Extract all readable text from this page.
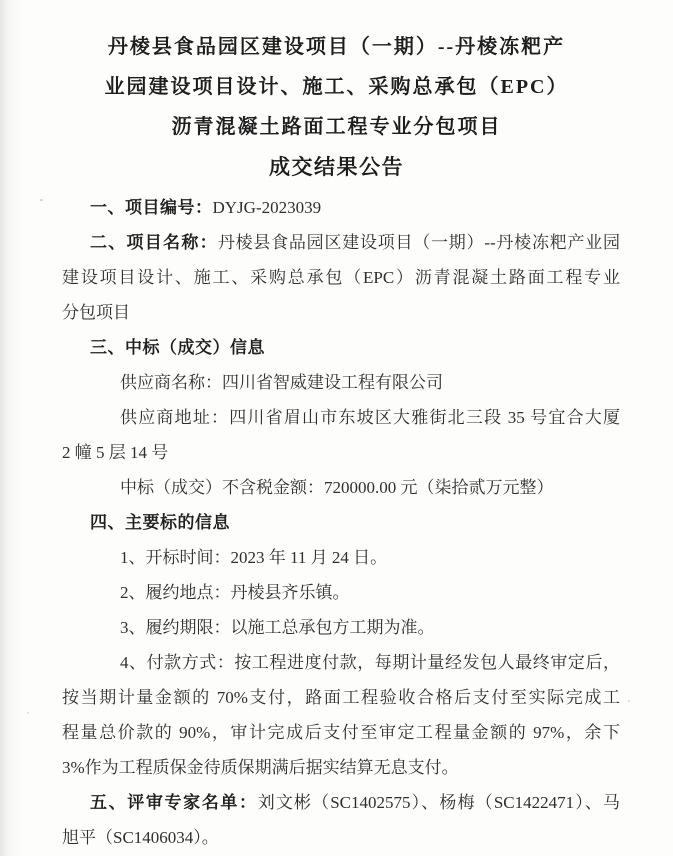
丹棱县食品园区建设项目（一期）--丹棱冻粑产
业园建设项目设计、施工、采购总承包（EPC）
沥青混凝土路面工程专业分包项目
成交结果公告
一、项目编号：DYJG-2023039
二、项目名称：丹棱县食品园区建设项目（一期）--丹棱冻粑产业园
建设项目设计、施工、采购总承包（EPC）沥青混凝土路面工程专业
分包项目
三、中标（成交）信息
供应商名称：四川省智威建设工程有限公司
供应商地址：四川省眉山市东坡区大雅街北三段 35 号宜合大厦
2 幢 5 层 14 号
中标（成交）不含税金额：720000.00 元（柒拾贰万元整）
四、主要标的信息
1、开标时间：2023 年 11 月 24 日。
2、履约地点：丹棱县齐乐镇。
3、履约期限：以施工总承包方工期为准。
4、付款方式：按工程进度付款，每期计量经发包人最终审定后，
按当期计量金额的 70%支付，路面工程验收合格后支付至实际完成工
程量总价款的 90%，审计完成后支付至审定工程量金额的 97%，余下
3%作为工程质保金待质保期满后据实结算无息支付。
五、评审专家名单：刘文彬（SC1402575）、杨梅（SC1422471）、马
旭平（SC1406034）。
